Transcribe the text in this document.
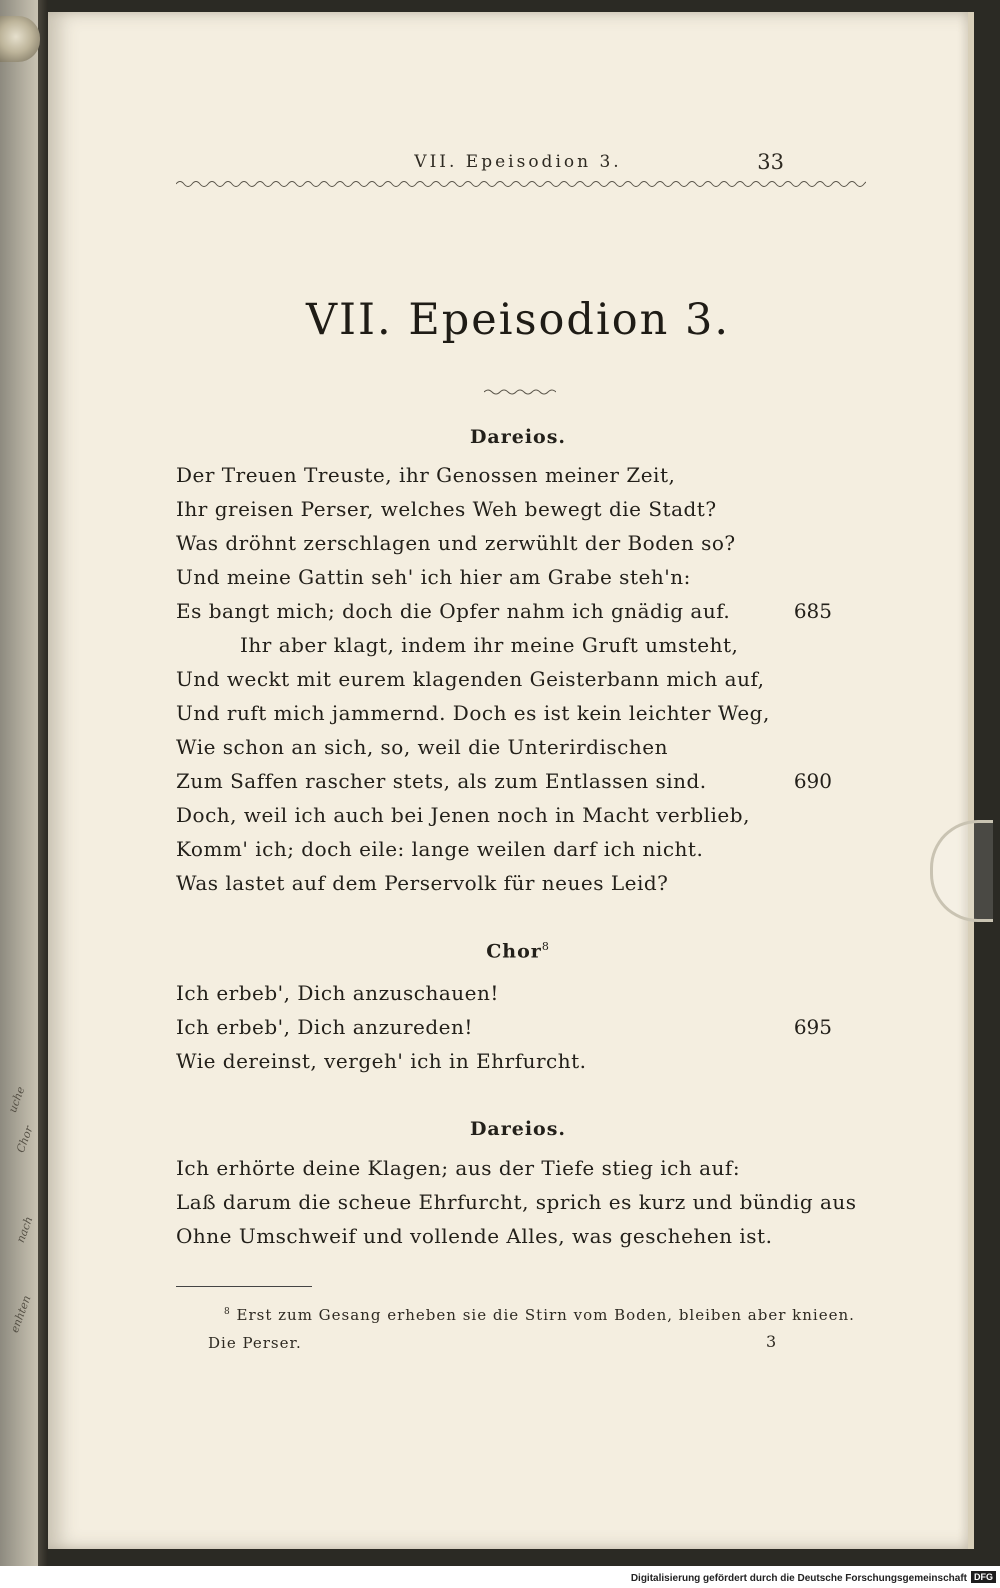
uche
Chor
nach
enhten
VII. Epeisodion 3.	33
VII. Epeisodion 3.
Dareios.
Der Treuen Treuste, ihr Genossen meiner Zeit,
Ihr greisen Perser, welches Weh bewegt die Stadt?
Was dröhnt zerschlagen und zerwühlt der Boden so?
Und meine Gattin seh' ich hier am Grabe steh'n:
Es bangt mich; doch die Opfer nahm ich gnädig auf.	685
Ihr aber klagt, indem ihr meine Gruft umsteht,
Und weckt mit eurem klagenden Geisterbann mich auf,
Und ruft mich jammernd. Doch es ist kein leichter Weg,
Wie schon an sich, so, weil die Unterirdischen
Zum Saffen rascher stets, als zum Entlassen sind.	690
Doch, weil ich auch bei Jenen noch in Macht verblieb,
Komm' ich; doch eile: lange weilen darf ich nicht.
Was lastet auf dem Perservolk für neues Leid?
Chor$^8$
Ich erbeb', Dich anzuschauen!
Ich erbeb', Dich anzureden!	695
Wie dereinst, vergeh' ich in Ehrfurcht.
Dareios.
Ich erhörte deine Klagen; aus der Tiefe stieg ich auf:
Laß darum die scheue Ehrfurcht, sprich es kurz und bündig aus
Ohne Umschweif und vollende Alles, was geschehen ist.
$^8$ Erst zum Gesang erheben sie die Stirn vom Boden, bleiben aber knieen.
Die Perser.	3
Digitalisierung gefördert durch die Deutsche Forschungsgemeinschaft DFG
